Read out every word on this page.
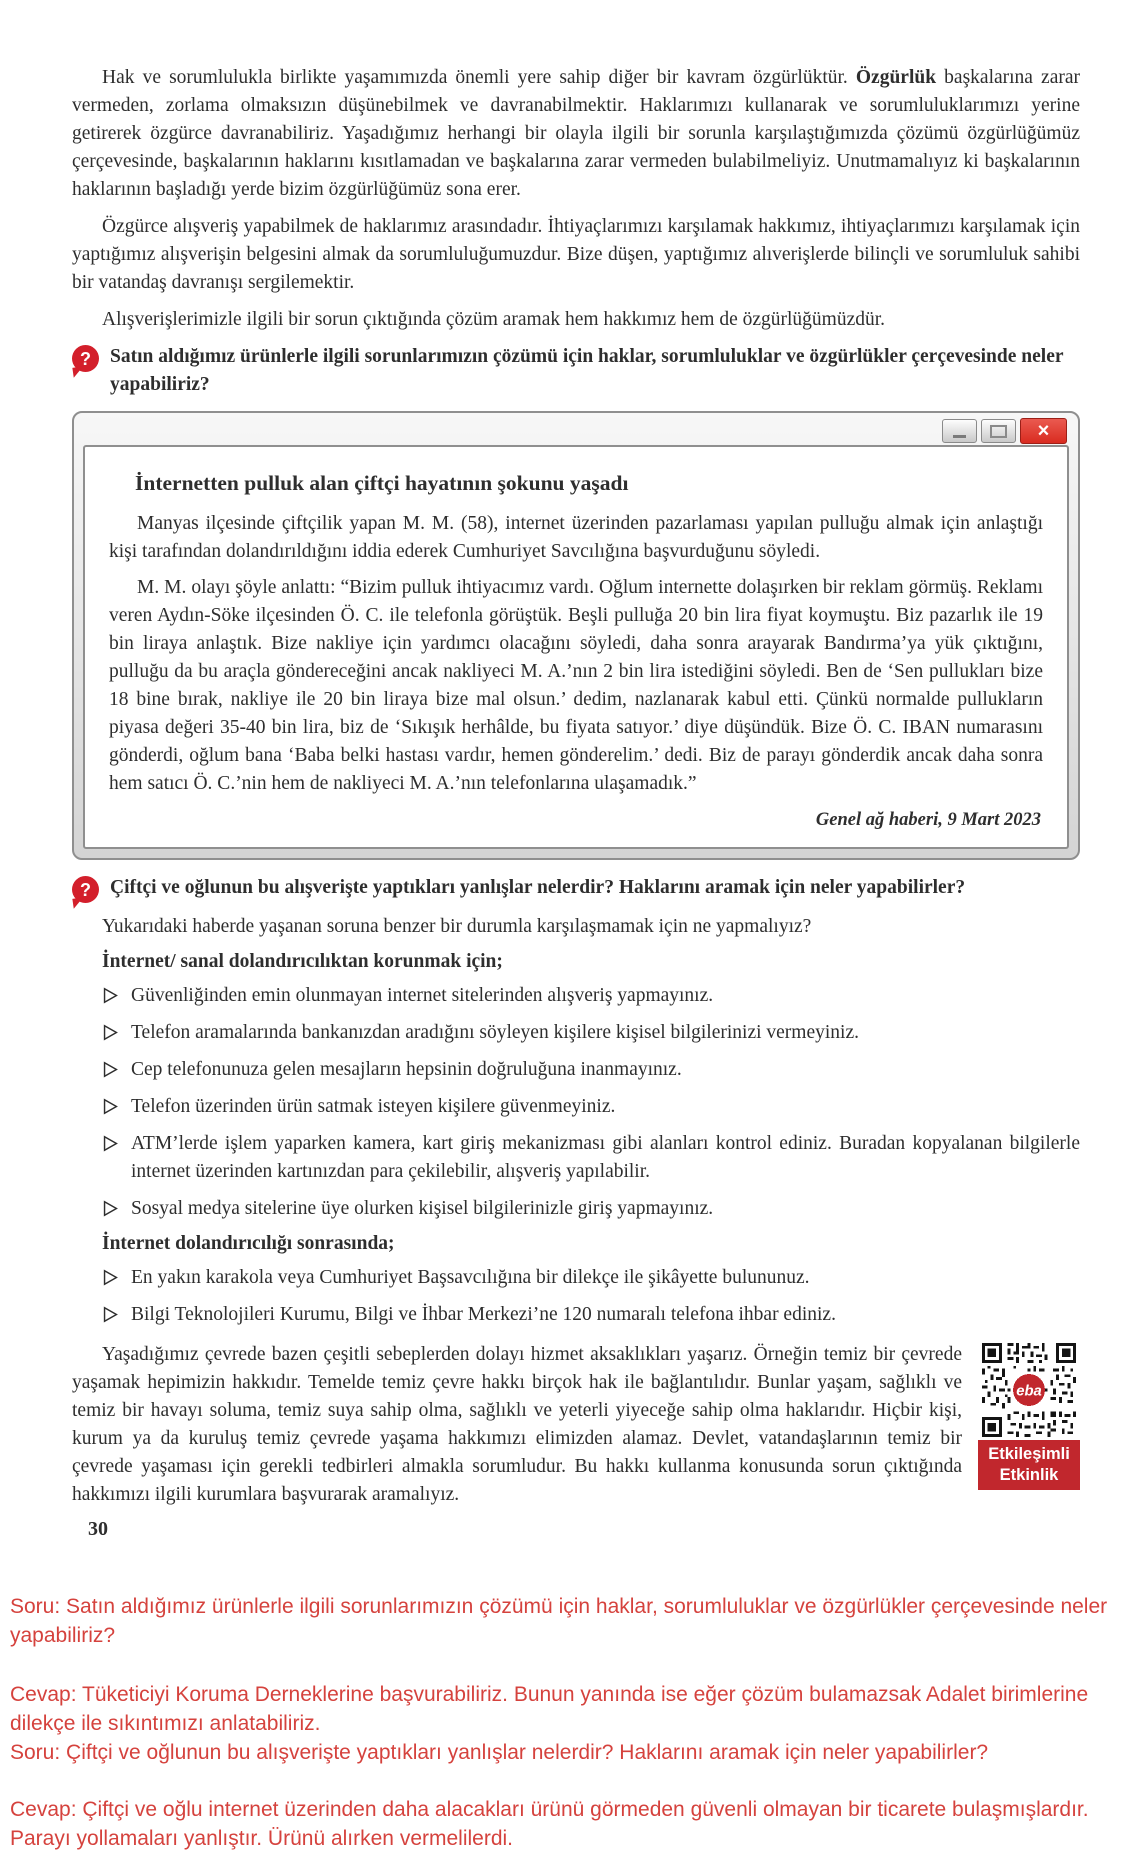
Hak ve sorumlulukla birlikte yaşamımızda önemli yere sahip diğer bir kavram özgürlüktür. Özgürlük başkalarına zarar vermeden, zorlama olmaksızın düşünebilmek ve davranabilmektir. Haklarımızı kullanarak ve sorumluluklarımızı yerine getirerek özgürce davranabiliriz. Yaşadığımız herhangi bir olayla ilgili bir sorunla karşılaştığımızda çözümü özgürlüğümüz çerçevesinde, başkalarının haklarını kısıtlamadan ve başkalarına zarar vermeden bulabilmeliyiz. Unutmamalıyız ki başkalarının haklarının başladığı yerde bizim özgürlüğümüz sona erer.

Özgürce alışveriş yapabilmek de haklarımız arasındadır. İhtiyaçlarımızı karşılamak hakkımız, ihtiyaçlarımızı karşılamak için yaptığımız alışverişin belgesini almak da sorumluluğumuzdur. Bize düşen, yaptığımız alıverişlerde bilinçli ve sorumluluk sahibi bir vatandaş davranışı sergilemektir.

Alışverişlerimizle ilgili bir sorun çıktığında çözüm aramak hem hakkımız hem de özgürlüğümüzdür.

? Satın aldığımız ürünlerle ilgili sorunlarımızın çözümü için haklar, sorumluluklar ve özgürlükler çerçevesinde neler yapabiliriz?
×
İnternetten pulluk alan çiftçi hayatının şokunu yaşadı

Manyas ilçesinde çiftçilik yapan M. M. (58), internet üzerinden pazarlaması yapılan pulluğu almak için anlaştığı kişi tarafından dolandırıldığını iddia ederek Cumhuriyet Savcılığına başvurduğunu söyledi.

M. M. olayı şöyle anlattı: “Bizim pulluk ihtiyacımız vardı. Oğlum internette dolaşırken bir reklam görmüş. Reklamı veren Aydın-Söke ilçesinden Ö. C. ile telefonla görüştük. Beşli pulluğa 20 bin lira fiyat koymuştu. Biz pazarlık ile 19 bin liraya anlaştık. Bize nakliye için yardımcı olacağını söyledi, daha sonra arayarak Bandırma’ya yük çıktığını, pulluğu da bu araçla göndereceğini ancak nakliyeci M. A.’nın 2 bin lira istediğini söyledi. Ben de ‘Sen pullukları bize 18 bine bırak, nakliye ile 20 bin liraya bize mal olsun.’ dedim, nazlanarak kabul etti. Çünkü normalde pullukların piyasa değeri 35-40 bin lira, biz de ‘Sıkışık herhâlde, bu fiyata satıyor.’ diye düşündük. Bize Ö. C. IBAN numarasını gönderdi, oğlum bana ‘Baba belki hastası vardır, hemen gönderelim.’ dedi. Biz de parayı gönderdik ancak daha sonra hem satıcı Ö. C.’nin hem de nakliyeci M. A.’nın telefonlarına ulaşamadık.”

Genel ağ haberi, 9 Mart 2023
? Çiftçi ve oğlunun bu alışverişte yaptıkları yanlışlar nelerdir? Haklarını aramak için neler yapabilirler?

Yukarıdaki haberde yaşanan soruna benzer bir durumla karşılaşmamak için ne yapmalıyız?

İnternet/ sanal dolandırıcılıktan korunmak için;
Güvenliğinden emin olunmayan internet sitelerinden alışveriş yapmayınız.
Telefon aramalarında bankanızdan aradığını söyleyen kişilere kişisel bilgilerinizi vermeyiniz.
Cep telefonunuza gelen mesajların hepsinin doğruluğuna inanmayınız.
Telefon üzerinden ürün satmak isteyen kişilere güvenmeyiniz.
ATM’lerde işlem yaparken kamera, kart giriş mekanizması gibi alanları kontrol ediniz. Buradan kopyalanan bilgilerle internet üzerinden kartınızdan para çekilebilir, alışveriş yapılabilir.
Sosyal medya sitelerine üye olurken kişisel bilgilerinizle giriş yapmayınız.
İnternet dolandırıcılığı sonrasında;
En yakın karakola veya Cumhuriyet Başsavcılığına bir dilekçe ile şikâyette bulununuz.
Bilgi Teknolojileri Kurumu, Bilgi ve İhbar Merkezi’ne 120 numaralı telefona ihbar ediniz.
eba
Etkileşimli
Etkinlik

Yaşadığımız çevrede bazen çeşitli sebeplerden dolayı hizmet aksaklıkları yaşarız. Örneğin temiz bir çevrede yaşamak hepimizin hakkıdır. Temelde temiz çevre hakkı birçok hak ile bağlantılıdır. Bunlar yaşam, sağlıklı ve temiz bir havayı soluma, temiz suya sahip olma, sağlıklı ve yeterli yiyeceğe sahip olma haklarıdır. Hiçbir kişi, kurum ya da kuruluş temiz çevrede yaşama hakkımızı elimizden alamaz. Devlet, vatandaşlarının temiz bir çevrede yaşaması için gerekli tedbirleri almakla sorumludur. Bu hakkı kullanma konusunda sorun çıktığında hakkımızı ilgili kurumlara başvurarak aramalıyız.

30

Soru: Satın aldığımız ürünlerle ilgili sorunlarımızın çözümü için haklar, sorumluluklar ve özgürlükler çerçevesinde neler yapabiliriz?

Cevap: Tüketiciyi Koruma Derneklerine başvurabiliriz. Bunun yanında ise eğer çözüm bulamazsak Adalet birimlerine dilekçe ile sıkıntımızı anlatabiliriz.

Soru: Çiftçi ve oğlunun bu alışverişte yaptıkları yanlışlar nelerdir? Haklarını aramak için neler yapabilirler?

Cevap: Çiftçi ve oğlu internet üzerinden daha alacakları ürünü görmeden güvenli olmayan bir ticarete bulaşmışlardır. Parayı yollamaları yanlıştır. Ürünü alırken vermelilerdi.
